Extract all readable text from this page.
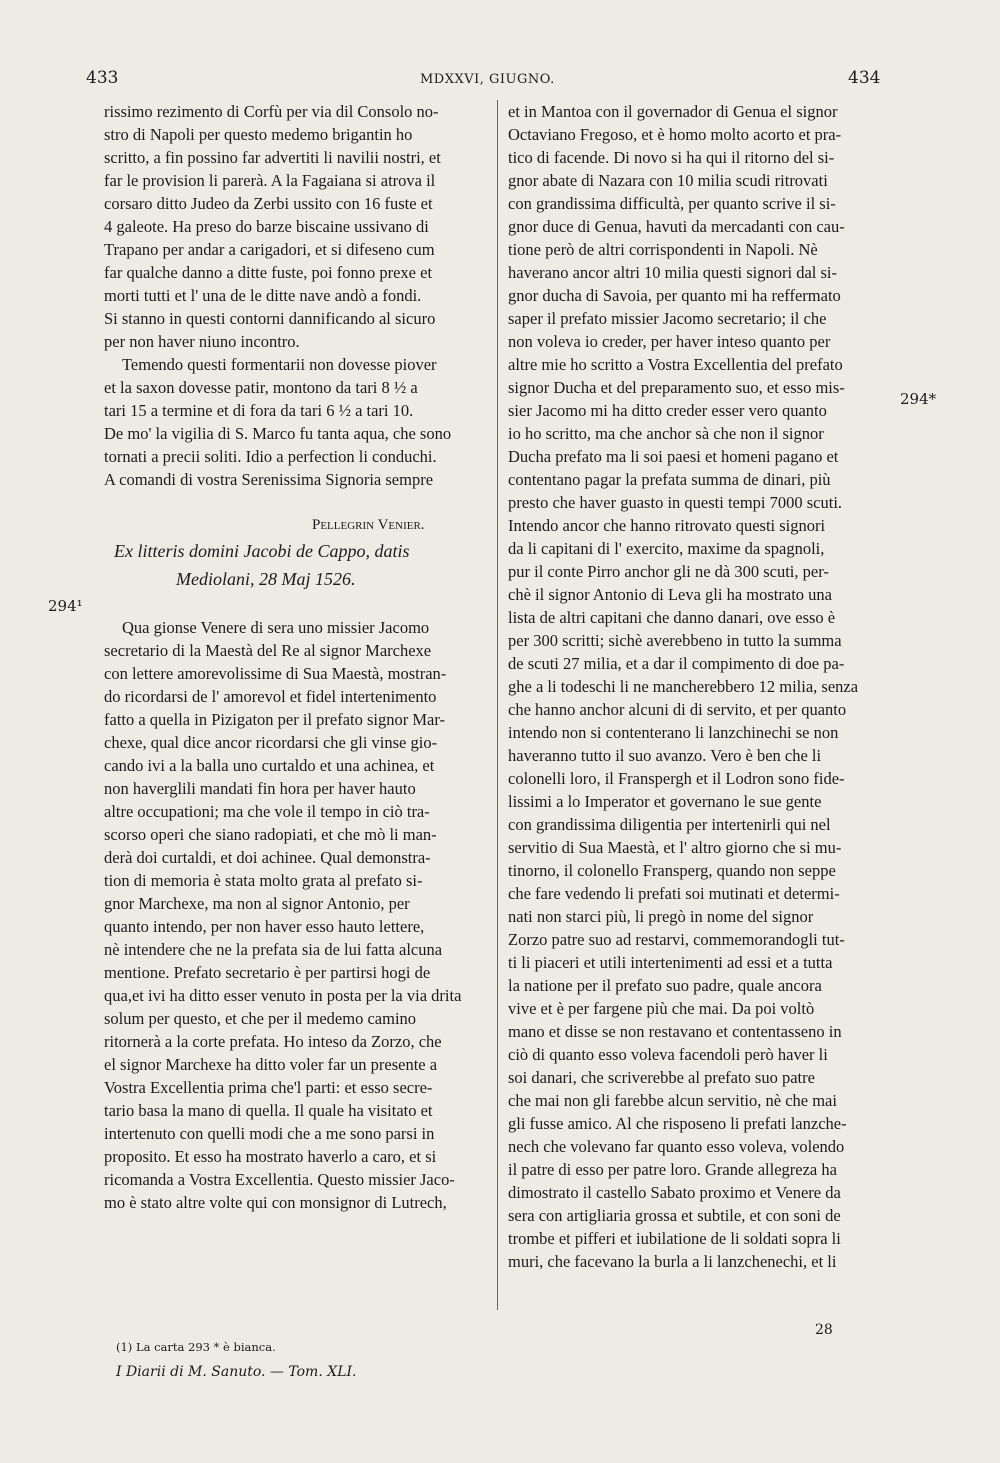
433	MDXXVI, GIUGNO.	434
294¹
294*
rissimo rezimento di Corfù per via dil Consolo no-
stro di Napoli per questo medemo brigantin ho
scritto, a fin possino far advertiti li navilii nostri, et
far le provision li parerà. A la Fagaiana si atrova il
corsaro ditto Judeo da Zerbi ussito con 16 fuste et
4 galeote. Ha preso do barze biscaine ussivano di
Trapano per andar a carigadori, et si difeseno cum
far qualche danno a ditte fuste, poi fonno prexe et
morti tutti et l' una de le ditte nave andò a fondi.
Si stanno in questi contorni dannificando al sicuro
per non haver niuno incontro.
Temendo questi formentarii non dovesse piover
et la saxon dovesse patir, montono da tari 8 ½ a
tari 15 a termine et di fora da tari 6 ½ a tari 10.
De mo' la vigilia di S. Marco fu tanta aqua, che sono
tornati a precii soliti. Idio a perfection li conduchi.
A comandi di vostra Serenissima Signoria sempre
Pellegrin Venier.
Ex litteris domini Jacobi de Cappo, datis
Mediolani, 28 Maj 1526.
Qua gionse Venere di sera uno missier Jacomo
secretario di la Maestà del Re al signor Marchexe
con lettere amorevolissime di Sua Maestà, mostran-
do ricordarsi de l' amorevol et fidel intertenimento
fatto a quella in Pizigaton per il prefato signor Mar-
chexe, qual dice ancor ricordarsi che gli vinse gio-
cando ivi a la balla uno curtaldo et una achinea, et
non haverglili mandati fin hora per haver hauto
altre occupationi; ma che vole il tempo in ciò tra-
scorso operi che siano radopiati, et che mò li man-
derà doi curtaldi, et doi achinee. Qual demonstra-
tion di memoria è stata molto grata al prefato si-
gnor Marchexe, ma non al signor Antonio, per
quanto intendo, per non haver esso hauto lettere,
nè intendere che ne la prefata sia de lui fatta alcuna
mentione. Prefato secretario è per partirsi hogi de
qua,et ivi ha ditto esser venuto in posta per la via drita
solum per questo, et che per il medemo camino
ritornerà a la corte prefata. Ho inteso da Zorzo, che
el signor Marchexe ha ditto voler far un presente a
Vostra Excellentia prima che'l parti: et esso secre-
tario basa la mano di quella. Il quale ha visitato et
intertenuto con quelli modi che a me sono parsi in
proposito. Et esso ha mostrato haverlo a caro, et si
ricomanda a Vostra Excellentia. Questo missier Jaco-
mo è stato altre volte qui con monsignor di Lutrech,
et in Mantoa con il governador di Genua el signor
Octaviano Fregoso, et è homo molto acorto et pra-
tico di facende. Di novo si ha qui il ritorno del si-
gnor abate di Nazara con 10 milia scudi ritrovati
con grandissima difficultà, per quanto scrive il si-
gnor duce di Genua, havuti da mercadanti con cau-
tione però de altri corrispondenti in Napoli. Nè
haverano ancor altri 10 milia questi signori dal si-
gnor ducha di Savoia, per quanto mi ha reffermato
saper il prefato missier Jacomo secretario; il che
non voleva io creder, per haver inteso quanto per
altre mie ho scritto a Vostra Excellentia del prefato
signor Ducha et del preparamento suo, et esso mis-
sier Jacomo mi ha ditto creder esser vero quanto
io ho scritto, ma che anchor sà che non il signor
Ducha prefato ma li soi paesi et homeni pagano et
contentano pagar la prefata summa de dinari, più
presto che haver guasto in questi tempi 7000 scuti.
Intendo ancor che hanno ritrovato questi signori
da li capitani di l' exercito, maxime da spagnoli,
pur il conte Pirro anchor gli ne dà 300 scuti, per-
chè il signor Antonio di Leva gli ha mostrato una
lista de altri capitani che danno danari, ove esso è
per 300 scritti; sichè averebbeno in tutto la summa
de scuti 27 milia, et a dar il compimento di doe pa-
ghe a li todeschi li ne mancherebbero 12 milia, senza
che hanno anchor alcuni di di servito, et per quanto
intendo non si contenterano li lanzchinechi se non
haveranno tutto il suo avanzo. Vero è ben che li
colonelli loro, il Franspergh et il Lodron sono fide-
lissimi a lo Imperator et governano le sue gente
con grandissima diligentia per intertenirli qui nel
servitio di Sua Maestà, et l' altro giorno che si mu-
tinorno, il colonello Fransperg, quando non seppe
che fare vedendo li prefati soi mutinati et determi-
nati non starci più, li pregò in nome del signor
Zorzo patre suo ad restarvi, commemorandogli tut-
ti li piaceri et utili intertenimenti ad essi et a tutta
la natione per il prefato suo padre, quale ancora
vive et è per fargene più che mai. Da poi voltò
mano et disse se non restavano et contentasseno in
ciò di quanto esso voleva facendoli però haver li
soi danari, che scriverebbe al prefato suo patre
che mai non gli farebbe alcun servitio, nè che mai
gli fusse amico. Al che risposeno li prefati lanzche-
nech che volevano far quanto esso voleva, volendo
il patre di esso per patre loro. Grande allegreza ha
dimostrato il castello Sabato proximo et Venere da
sera con artigliaria grossa et subtile, et con soni de
trombe et pifferi et iubilatione de li soldati sopra li
muri, che facevano la burla a li lanzchenechi, et li
28
(1) La carta 293 * è bianca.
I Diarii di M. Sanuto. — Tom. XLI.
